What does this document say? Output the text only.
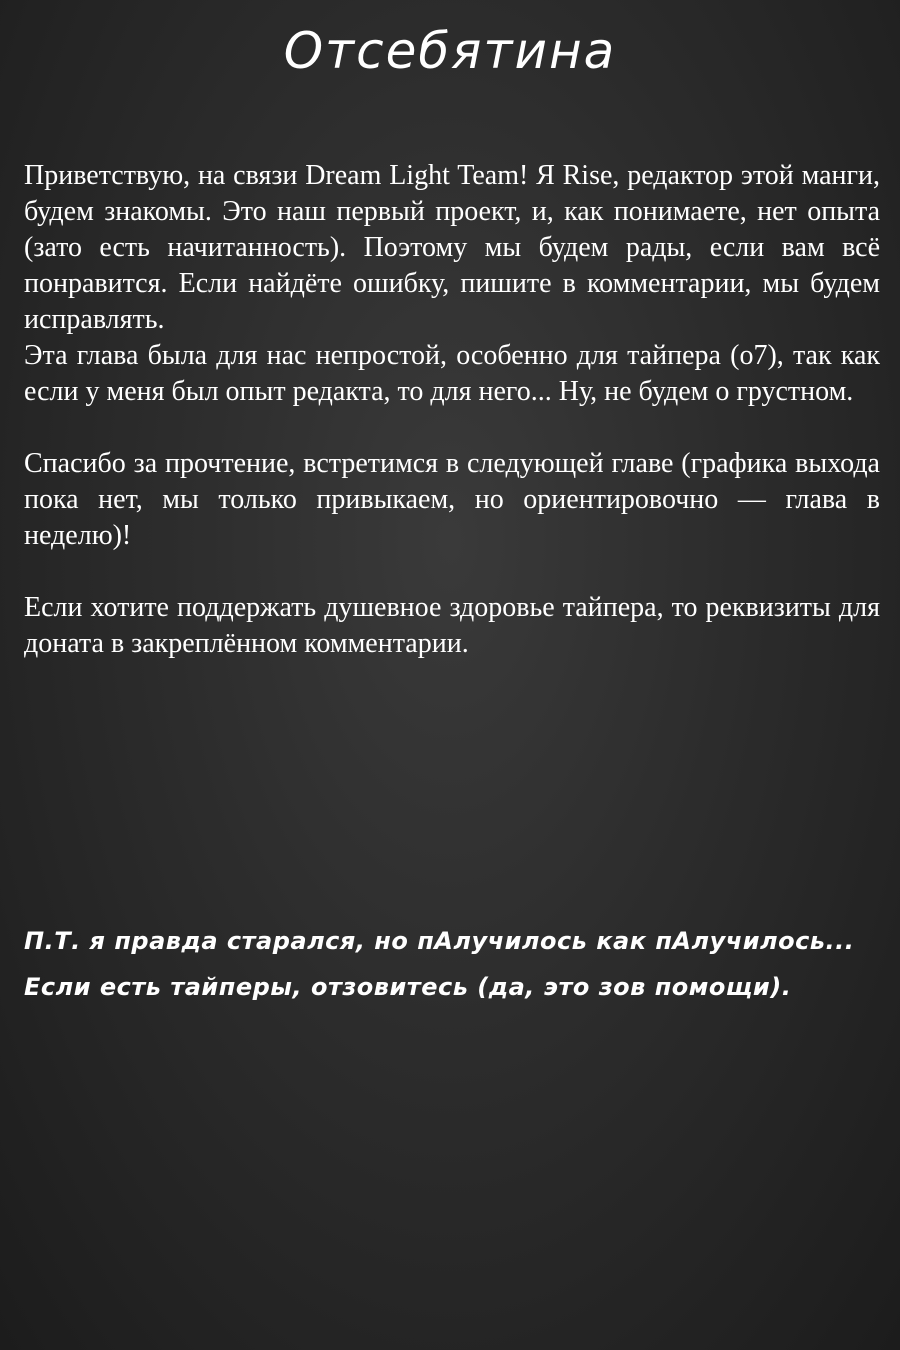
Отсебятина

Приветствую, на связи Dream Light Team! Я Rise, редактор этой манги, будем знакомы. Это наш первый проект, и, как понимаете, нет опыта (зато есть начитанность). Поэтому мы будем рады, если вам всё понравится. Если найдёте ошибку, пишите в комментарии, мы будем исправлять.

Эта глава была для нас непростой, особенно для тайпера (о7), так как если у меня был опыт редакта, то для него... Ну, не будем о грустном.

Спасибо за прочтение, встретимся в следующей главе (графика выхода пока нет, мы только привыкаем, но ориентировочно — глава в неделю)!

Если хотите поддержать душевное здоровье тайпера, то реквизиты для доната в закреплённом комментарии.

П.Т. я правда старался, но пАлучилось как пАлучилось...

Если есть тайперы, отзовитесь (да, это зов помощи).
